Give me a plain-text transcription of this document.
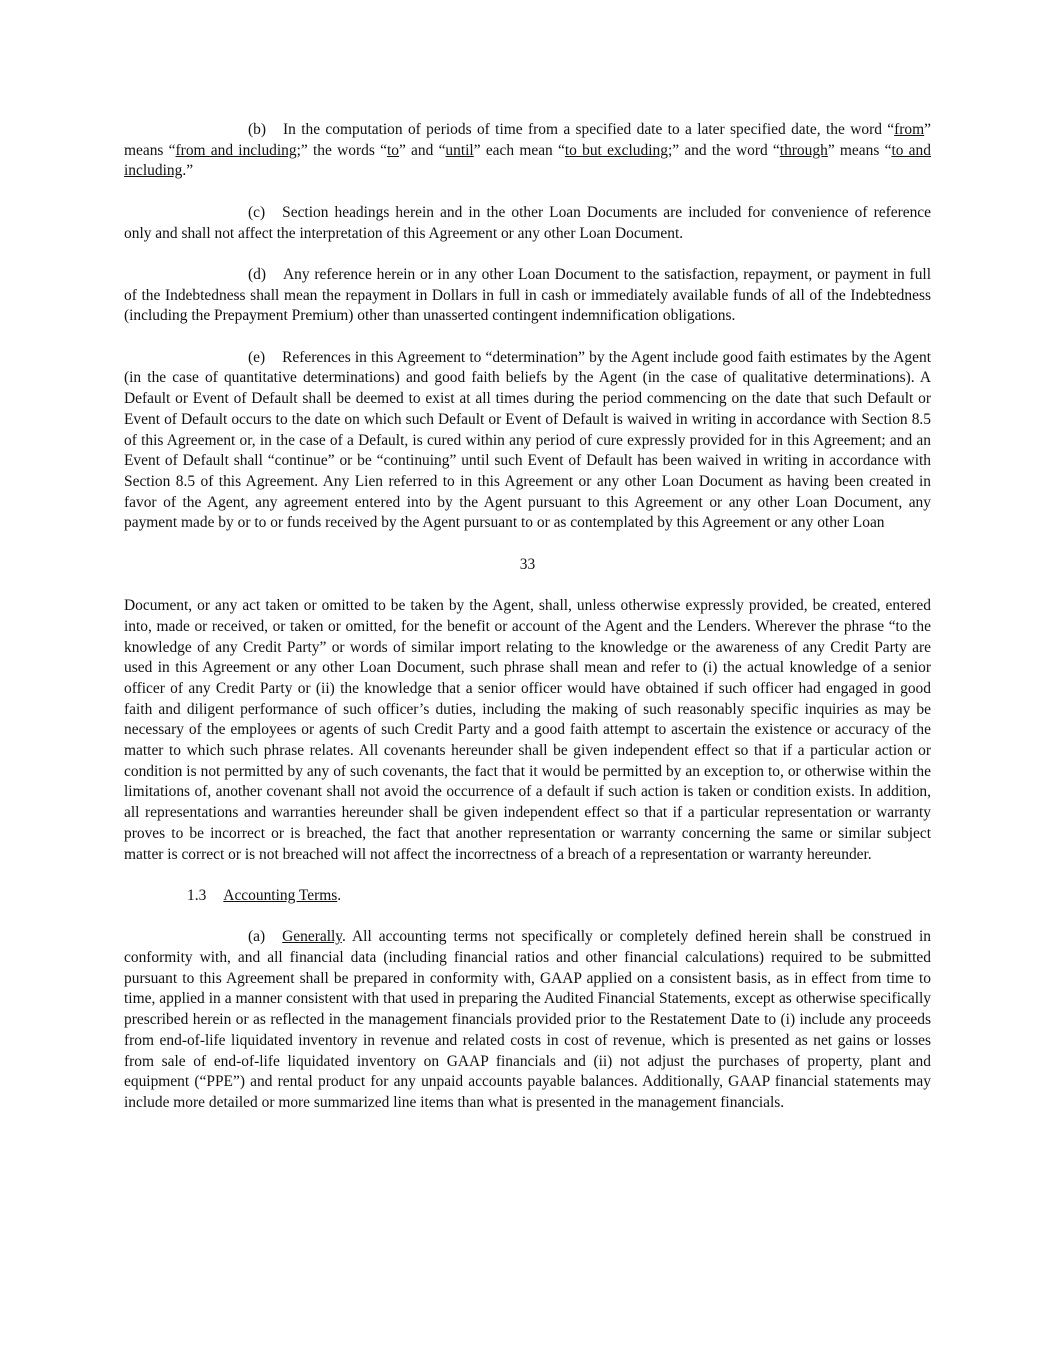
(b) In the computation of periods of time from a specified date to a later specified date, the word “from” means “from and including;” the words “to” and “until” each mean “to but excluding;” and the word “through” means “to and including.”

(c) Section headings herein and in the other Loan Documents are included for convenience of reference only and shall not affect the interpretation of this Agreement or any other Loan Document.

(d) Any reference herein or in any other Loan Document to the satisfaction, repayment, or payment in full of the Indebtedness shall mean the repayment in Dollars in full in cash or immediately available funds of all of the Indebtedness (including the Prepayment Premium) other than unasserted contingent indemnification obligations.

(e) References in this Agreement to “determination” by the Agent include good faith estimates by the Agent (in the case of quantitative determinations) and good faith beliefs by the Agent (in the case of qualitative determinations). A Default or Event of Default shall be deemed to exist at all times during the period commencing on the date that such Default or Event of Default occurs to the date on which such Default or Event of Default is waived in writing in accordance with Section 8.5 of this Agreement or, in the case of a Default, is cured within any period of cure expressly provided for in this Agreement; and an Event of Default shall “continue” or be “continuing” until such Event of Default has been waived in writing in accordance with Section 8.5 of this Agreement. Any Lien referred to in this Agreement or any other Loan Document as having been created in favor of the Agent, any agreement entered into by the Agent pursuant to this Agreement or any other Loan Document, any payment made by or to or funds received by the Agent pursuant to or as contemplated by this Agreement or any other Loan

33

Document, or any act taken or omitted to be taken by the Agent, shall, unless otherwise expressly provided, be created, entered into, made or received, or taken or omitted, for the benefit or account of the Agent and the Lenders. Wherever the phrase “to the knowledge of any Credit Party” or words of similar import relating to the knowledge or the awareness of any Credit Party are used in this Agreement or any other Loan Document, such phrase shall mean and refer to (i) the actual knowledge of a senior officer of any Credit Party or (ii) the knowledge that a senior officer would have obtained if such officer had engaged in good faith and diligent performance of such officer’s duties, including the making of such reasonably specific inquiries as may be necessary of the employees or agents of such Credit Party and a good faith attempt to ascertain the existence or accuracy of the matter to which such phrase relates. All covenants hereunder shall be given independent effect so that if a particular action or condition is not permitted by any of such covenants, the fact that it would be permitted by an exception to, or otherwise within the limitations of, another covenant shall not avoid the occurrence of a default if such action is taken or condition exists. In addition, all representations and warranties hereunder shall be given independent effect so that if a particular representation or warranty proves to be incorrect or is breached, the fact that another representation or warranty concerning the same or similar subject matter is correct or is not breached will not affect the incorrectness of a breach of a representation or warranty hereunder.

1.3 Accounting Terms.

(a) Generally. All accounting terms not specifically or completely defined herein shall be construed in conformity with, and all financial data (including financial ratios and other financial calculations) required to be submitted pursuant to this Agreement shall be prepared in conformity with, GAAP applied on a consistent basis, as in effect from time to time, applied in a manner consistent with that used in preparing the Audited Financial Statements, except as otherwise specifically prescribed herein or as reflected in the management financials provided prior to the Restatement Date to (i) include any proceeds from end-of-life liquidated inventory in revenue and related costs in cost of revenue, which is presented as net gains or losses from sale of end-of-life liquidated inventory on GAAP financials and (ii) not adjust the purchases of property, plant and equipment (“PPE”) and rental product for any unpaid accounts payable balances. Additionally, GAAP financial statements may include more detailed or more summarized line items than what is presented in the management financials.
